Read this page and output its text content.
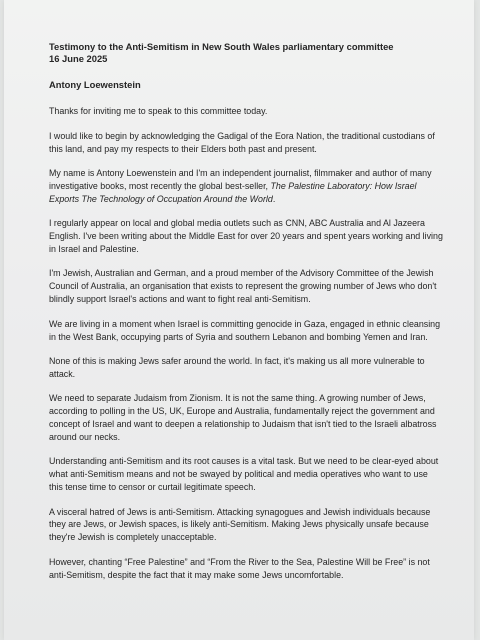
Testimony to the Anti-Semitism in New South Wales parliamentary committee
16 June 2025

Antony Loewenstein

Thanks for inviting me to speak to this committee today.

I would like to begin by acknowledging the Gadigal of the Eora Nation, the traditional custodians of this land, and pay my respects to their Elders both past and present.

My name is Antony Loewenstein and I'm an independent journalist, filmmaker and author of many investigative books, most recently the global best-seller, The Palestine Laboratory: How Israel Exports The Technology of Occupation Around the World.

I regularly appear on local and global media outlets such as CNN, ABC Australia and Al Jazeera English. I've been writing about the Middle East for over 20 years and spent years working and living in Israel and Palestine.

I'm Jewish, Australian and German, and a proud member of the Advisory Committee of the Jewish Council of Australia, an organisation that exists to represent the growing number of Jews who don't blindly support Israel's actions and want to fight real anti-Semitism.

We are living in a moment when Israel is committing genocide in Gaza, engaged in ethnic cleansing in the West Bank, occupying parts of Syria and southern Lebanon and bombing Yemen and Iran.

None of this is making Jews safer around the world. In fact, it's making us all more vulnerable to attack.

We need to separate Judaism from Zionism. It is not the same thing. A growing number of Jews, according to polling in the US, UK, Europe and Australia, fundamentally reject the government and concept of Israel and want to deepen a relationship to Judaism that isn't tied to the Israeli albatross around our necks.

Understanding anti-Semitism and its root causes is a vital task. But we need to be clear-eyed about what anti-Semitism means and not be swayed by political and media operatives who want to use this tense time to censor or curtail legitimate speech.

A visceral hatred of Jews is anti-Semitism. Attacking synagogues and Jewish individuals because they are Jews, or Jewish spaces, is likely anti-Semitism. Making Jews physically unsafe because they're Jewish is completely unacceptable.

However, chanting “Free Palestine” and “From the River to the Sea, Palestine Will be Free” is not anti-Semitism, despite the fact that it may make some Jews uncomfortable.
